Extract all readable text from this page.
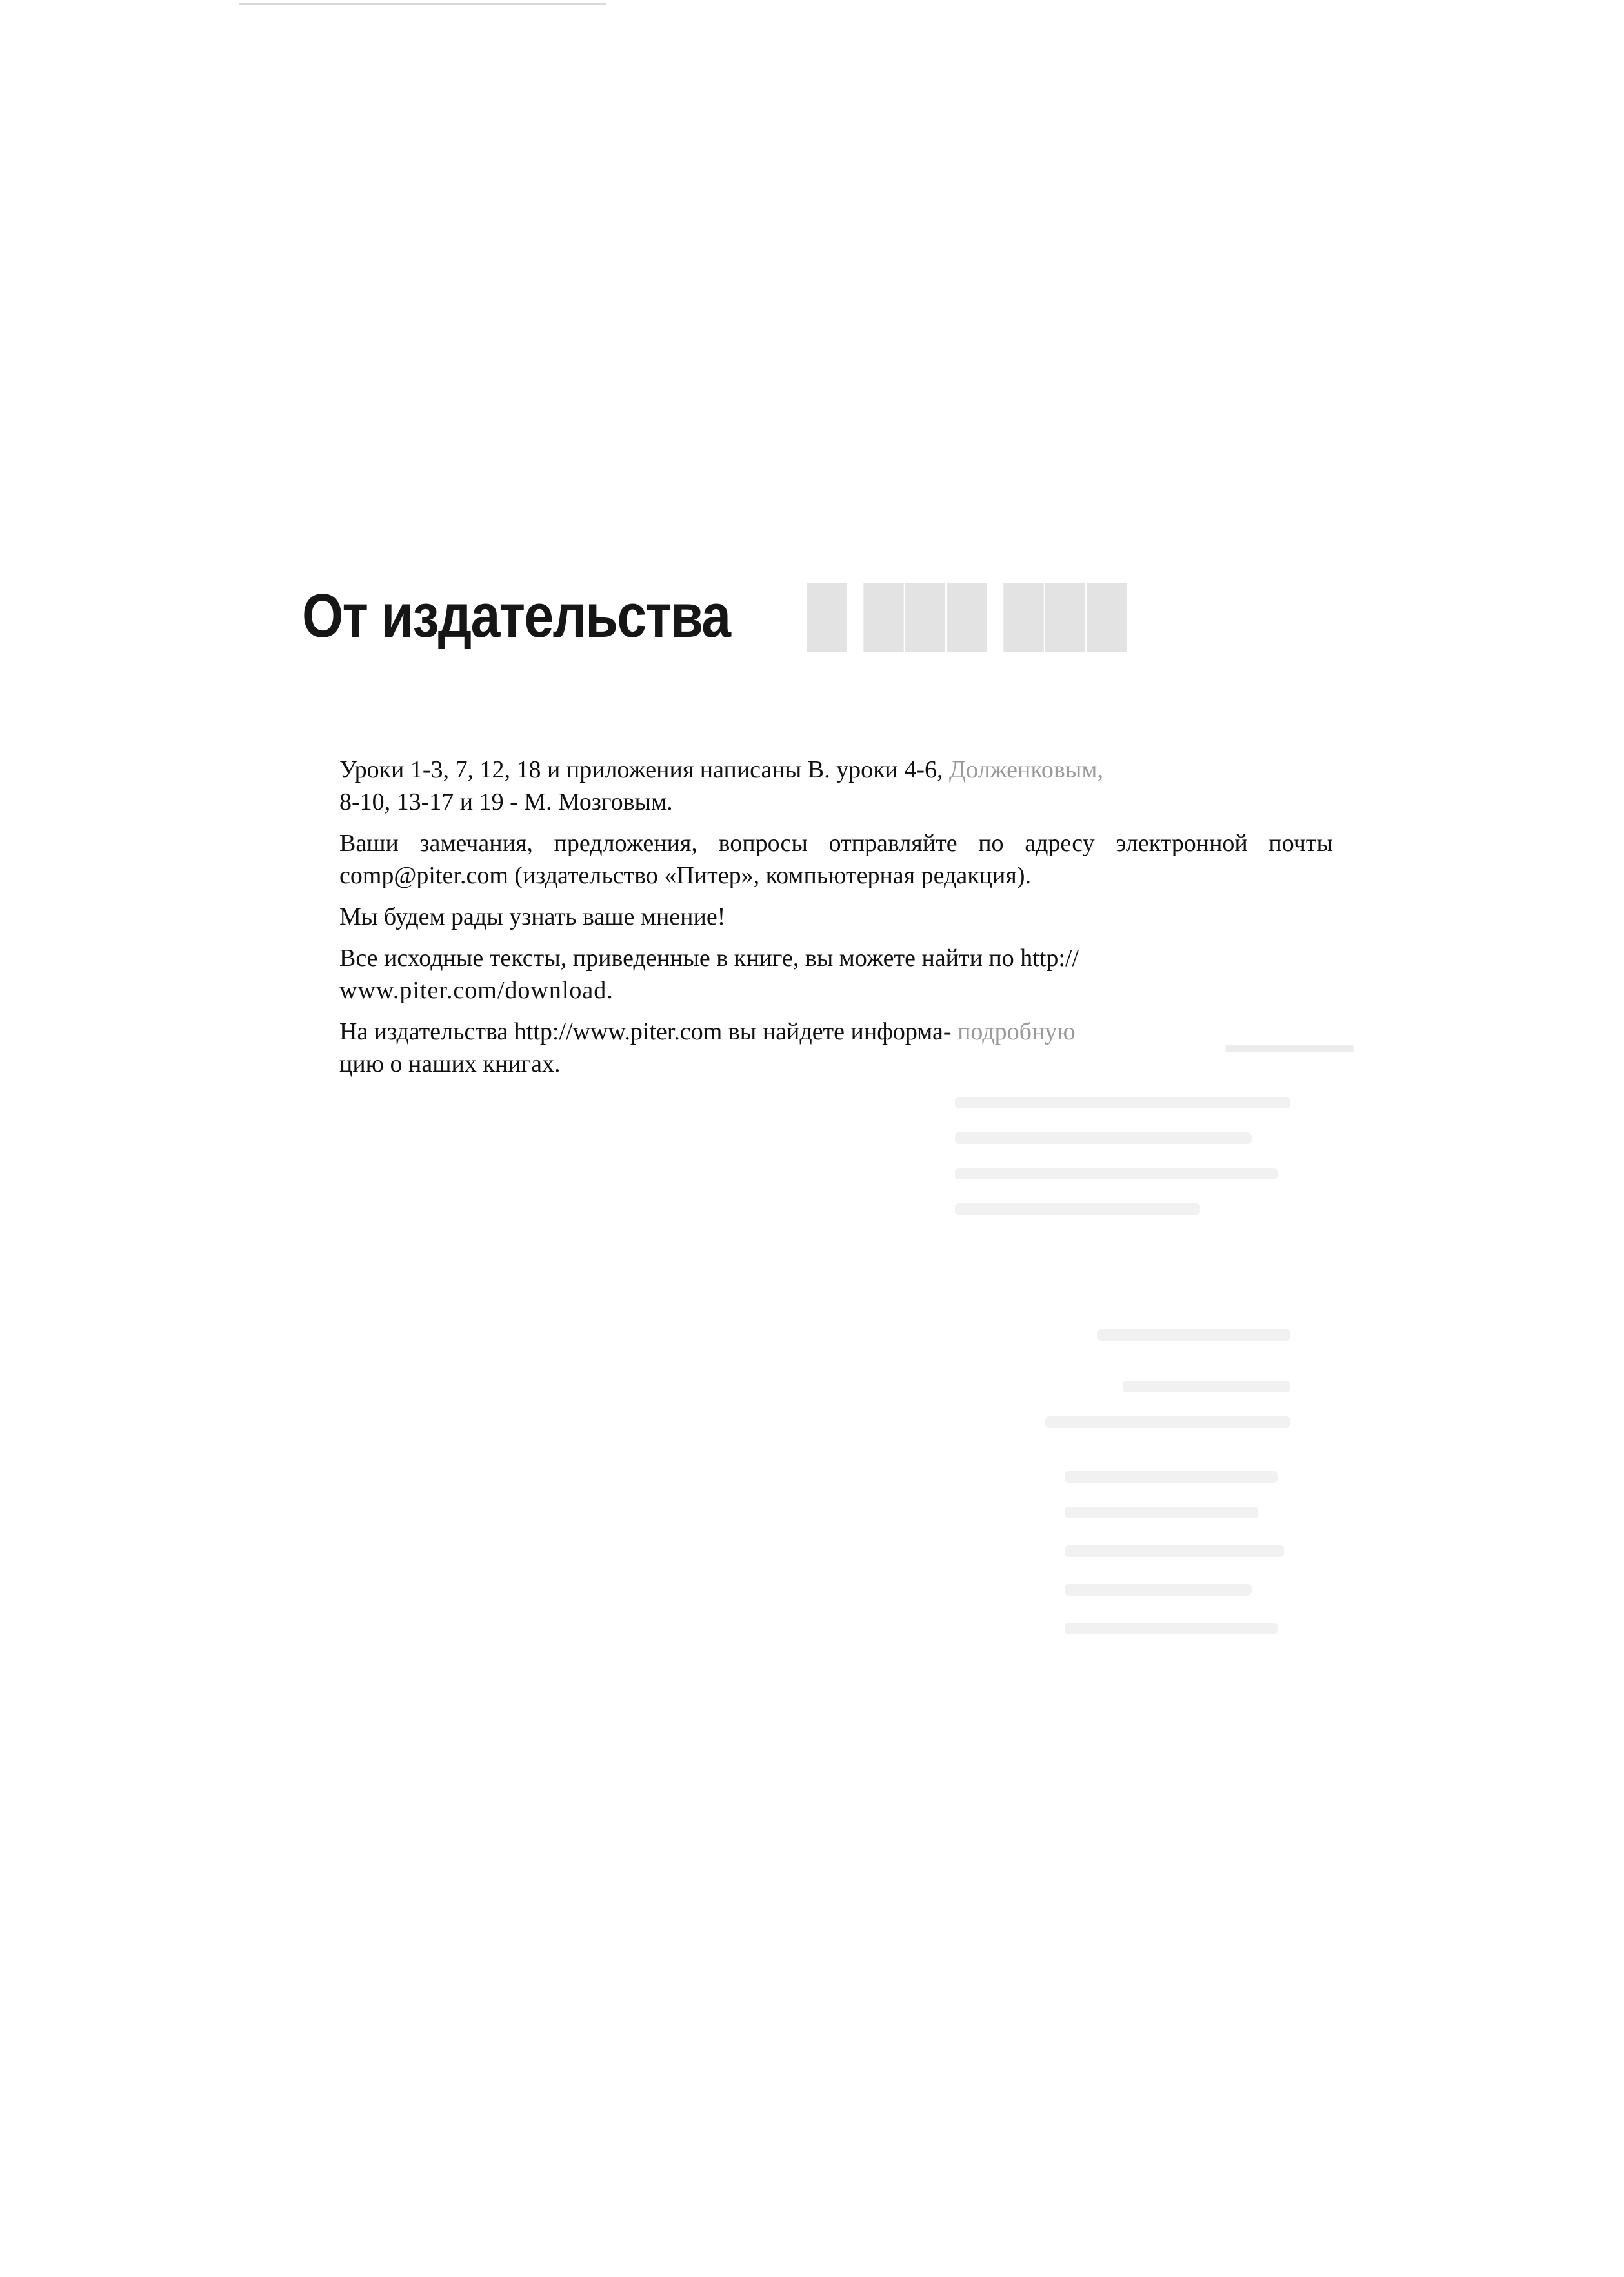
█ ███ ███
▁▁▁▁
От издательства

Уроки 1-3, 7, 12, 18 и приложения написаны В. уроки 4-6, Долженковым,
8-10, 13-17 и 19 - М. Мозговым.

Ваши замечания, предложения, вопросы отправляйте по адресу электронной почты comp@piter.com (издательство «Питер», компьютерная редакция).

Мы будем рады узнать ваше мнение!

Все исходные тексты, приведенные в книге, вы можете найти по http://
www.piter.com/download.

На издательства http://www.piter.com вы найдете информа- подробную
цию о наших книгах.
